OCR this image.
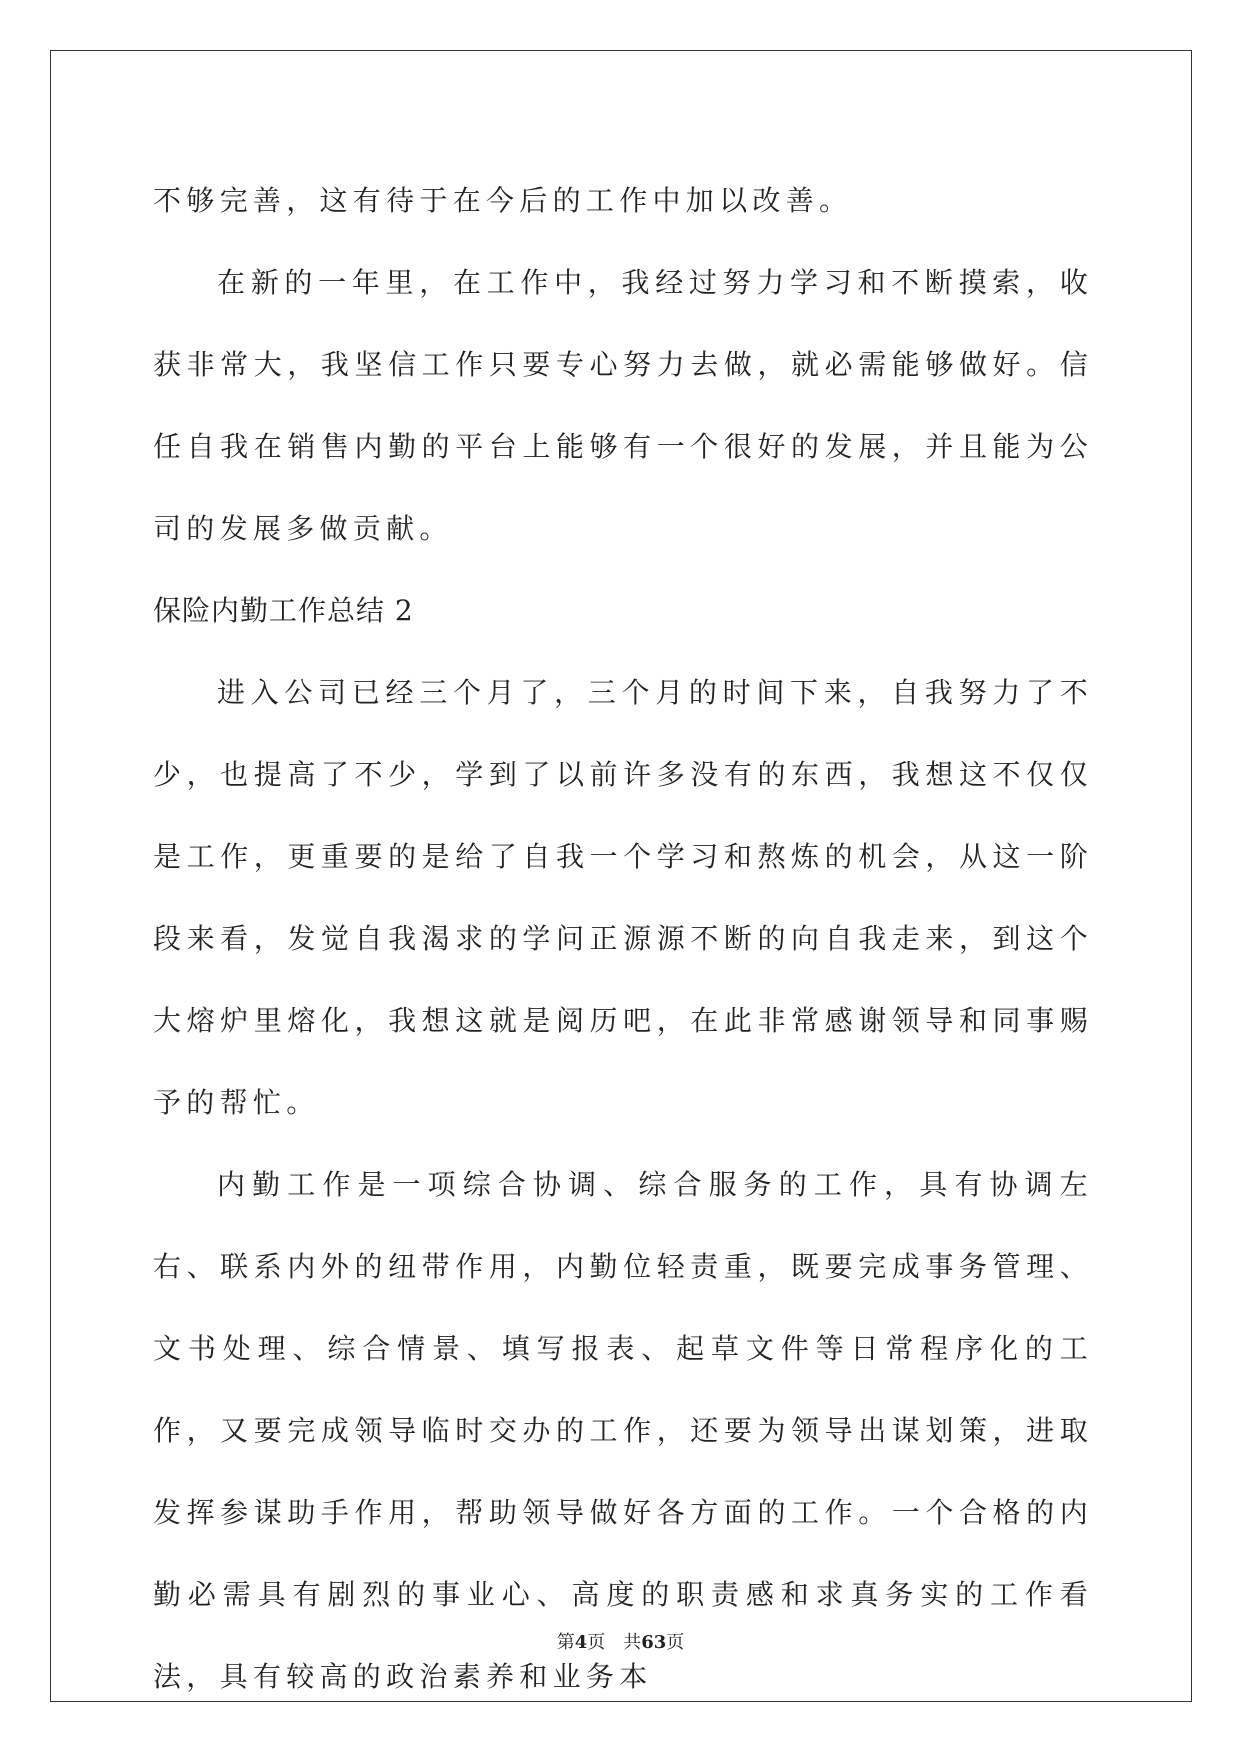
不够完善，这有待于在今后的工作中加以改善。

在新的一年里，在工作中，我经过努力学习和不断摸索，收获非常大，我坚信工作只要专心努力去做，就必需能够做好。信任自我在销售内勤的平台上能够有一个很好的发展，并且能为公司的发展多做贡献。

保险内勤工作总结 2

进入公司已经三个月了，三个月的时间下来，自我努力了不少，也提高了不少，学到了以前许多没有的东西，我想这不仅仅是工作，更重要的是给了自我一个学习和熬炼的机会，从这一阶段来看，发觉自我渴求的学问正源源不断的向自我走来，到这个大熔炉里熔化，我想这就是阅历吧，在此非常感谢领导和同事赐予的帮忙。

内勤工作是一项综合协调、综合服务的工作，具有协调左右、联系内外的纽带作用，内勤位轻责重，既要完成事务管理、文书处理、综合情景、填写报表、起草文件等日常程序化的工作，又要完成领导临时交办的工作，还要为领导出谋划策，进取发挥参谋助手作用，帮助领导做好各方面的工作。一个合格的内勤必需具有剧烈的事业心、高度的职责感和求真务实的工作看法，具有较高的政治素养和业务本

第4页 共63页
